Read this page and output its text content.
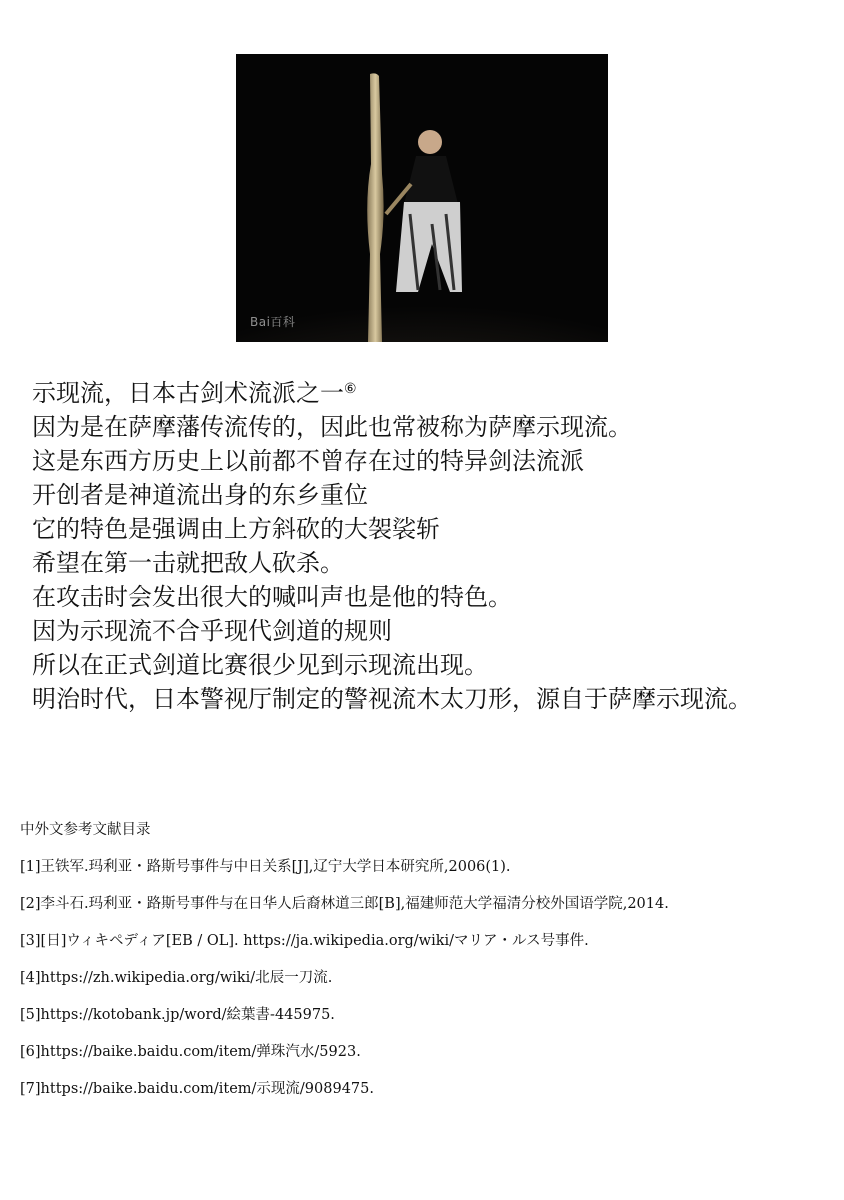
Bai百科
示现流，日本古剑术流派之一⑥
因为是在萨摩藩传流传的，因此也常被称为萨摩示现流。
这是东西方历史上以前都不曾存在过的特异剑法流派
开创者是神道流出身的东乡重位
它的特色是强调由上方斜砍的大袈裟斩
希望在第一击就把敌人砍杀。
在攻击时会发出很大的喊叫声也是他的特色。
因为示现流不合乎现代剑道的规则
所以在正式剑道比赛很少见到示现流出现。
明治时代，日本警视厅制定的警视流木太刀形，源自于萨摩示现流。
中外文参考文献目录
[1]王铁军.玛利亚・路斯号事件与中日关系[J],辽宁大学日本研究所,2006(1).
[2]李斗石.玛利亚・路斯号事件与在日华人后裔林道三郎[B],福建师范大学福清分校外国语学院,2014.
[3][日]ウィキペディア[EB / OL]. https://ja.wikipedia.org/wiki/マリア・ルス号事件.
[4]https://zh.wikipedia.org/wiki/北辰一刀流.
[5]https://kotobank.jp/word/絵葉書-445975.
[6]https://baike.baidu.com/item/弹珠汽水/5923.
[7]https://baike.baidu.com/item/示现流/9089475.
